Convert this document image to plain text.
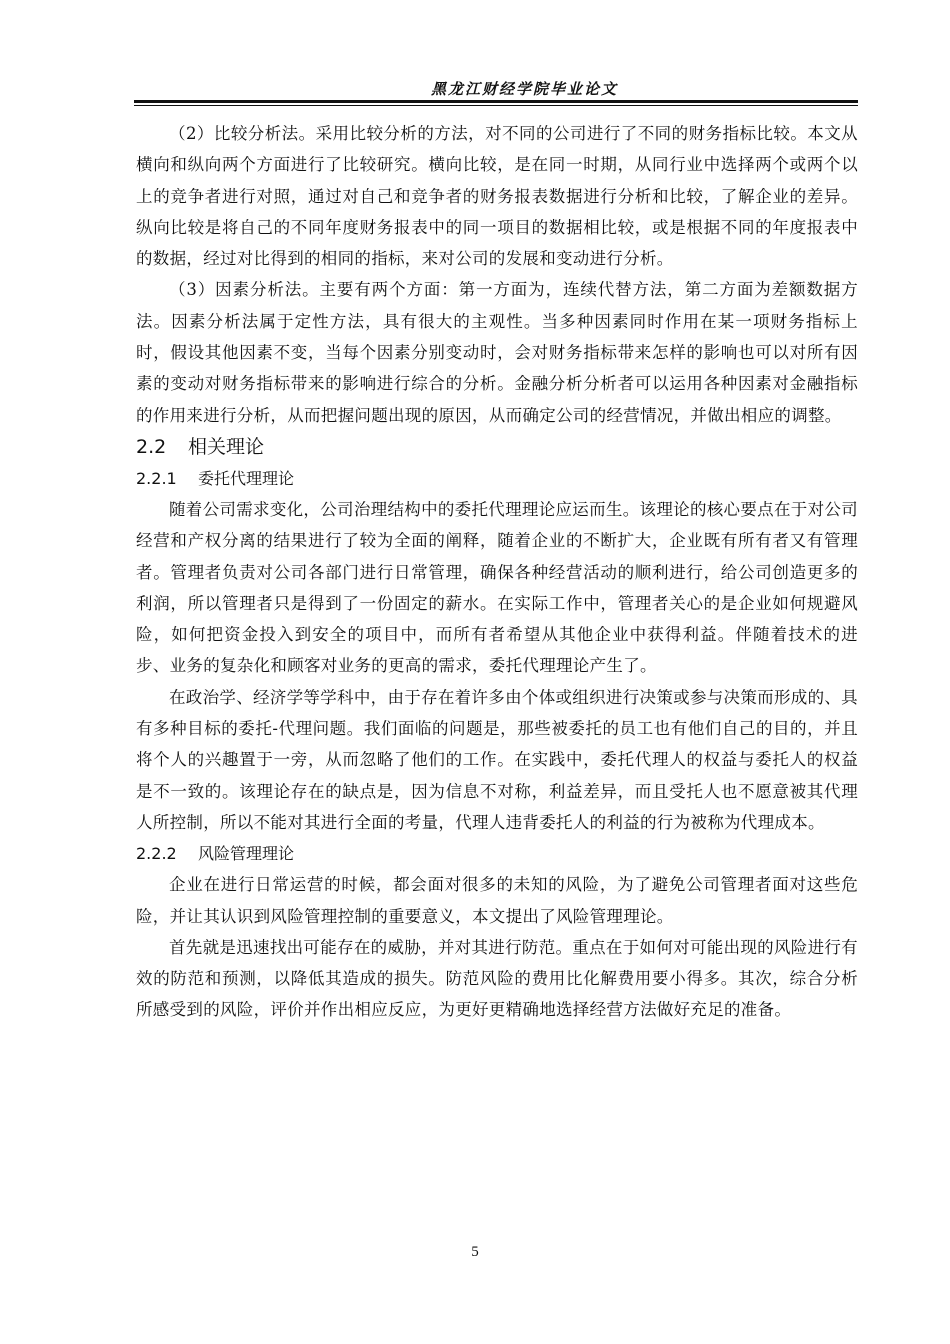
黑龙江财经学院毕业论文

（2）比较分析法。采用比较分析的方法，对不同的公司进行了不同的财务指标比较。本文从横向和纵向两个方面进行了比较研究。横向比较，是在同一时期，从同行业中选择两个或两个以上的竞争者进行对照，通过对自己和竞争者的财务报表数据进行分析和比较，了解企业的差异。纵向比较是将自己的不同年度财务报表中的同一项目的数据相比较，或是根据不同的年度报表中的数据，经过对比得到的相同的指标，来对公司的发展和变动进行分析。

（3）因素分析法。主要有两个方面：第一方面为，连续代替方法，第二方面为差额数据方法。因素分析法属于定性方法，具有很大的主观性。当多种因素同时作用在某一项财务指标上时，假设其他因素不变，当每个因素分别变动时，会对财务指标带来怎样的影响也可以对所有因素的变动对财务指标带来的影响进行综合的分析。金融分析分析者可以运用各种因素对金融指标的作用来进行分析，从而把握问题出现的原因，从而确定公司的经营情况，并做出相应的调整。

2.2 相关理论
2.2.1 委托代理理论

随着公司需求变化，公司治理结构中的委托代理理论应运而生。该理论的核心要点在于对公司经营和产权分离的结果进行了较为全面的阐释，随着企业的不断扩大，企业既有所有者又有管理者。管理者负责对公司各部门进行日常管理，确保各种经营活动的顺利进行，给公司创造更多的利润，所以管理者只是得到了一份固定的薪水。在实际工作中，管理者关心的是企业如何规避风险，如何把资金投入到安全的项目中，而所有者希望从其他企业中获得利益。伴随着技术的进步、业务的复杂化和顾客对业务的更高的需求，委托代理理论产生了。

在政治学、经济学等学科中，由于存在着许多由个体或组织进行决策或参与决策而形成的、具有多种目标的委托-代理问题。我们面临的问题是，那些被委托的员工也有他们自己的目的，并且将个人的兴趣置于一旁，从而忽略了他们的工作。在实践中，委托代理人的权益与委托人的权益是不一致的。该理论存在的缺点是，因为信息不对称，利益差异，而且受托人也不愿意被其代理人所控制，所以不能对其进行全面的考量，代理人违背委托人的利益的行为被称为代理成本。

2.2.2 风险管理理论

企业在进行日常运营的时候，都会面对很多的未知的风险，为了避免公司管理者面对这些危险，并让其认识到风险管理控制的重要意义，本文提出了风险管理理论。

首先就是迅速找出可能存在的威胁，并对其进行防范。重点在于如何对可能出现的风险进行有效的防范和预测，以降低其造成的损失。防范风险的费用比化解费用要小得多。其次，综合分析所感受到的风险，评价并作出相应反应，为更好更精确地选择经营方法做好充足的准备。

5
